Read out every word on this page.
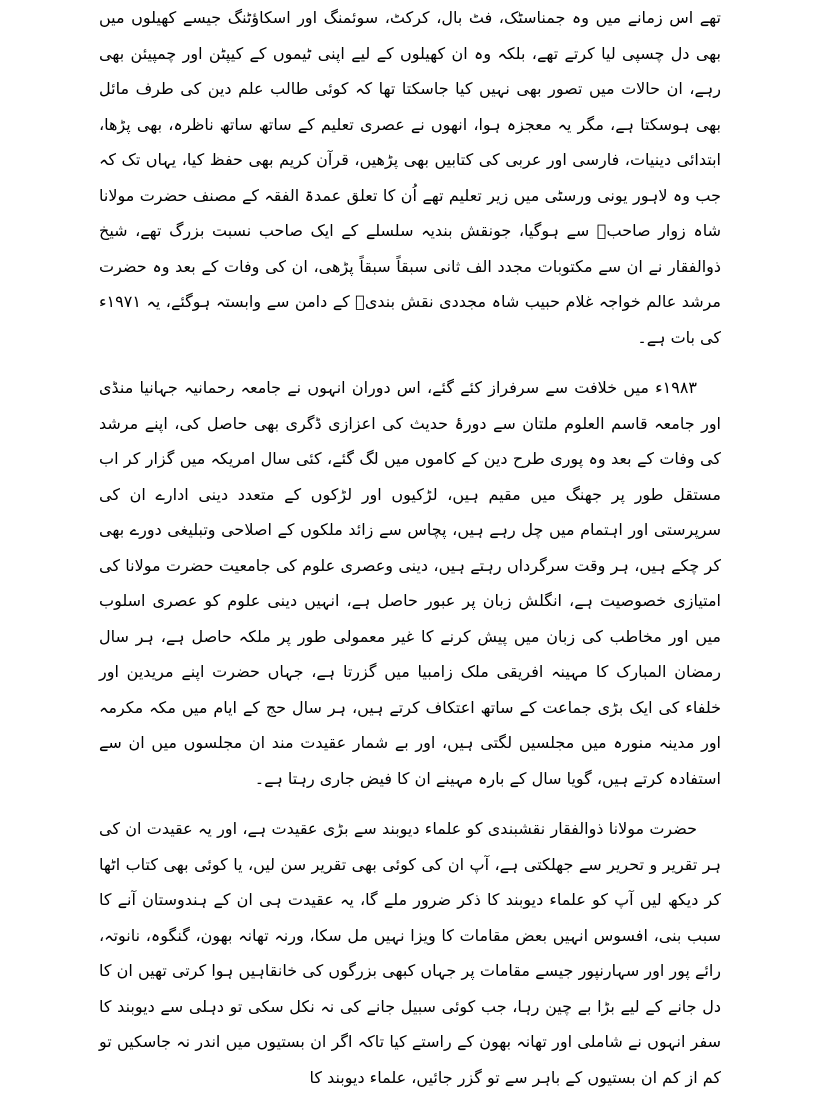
تھے اس زمانے میں وہ جمناسٹک، فٹ بال، کرکٹ، سوئمنگ اور اسکاؤٹنگ جیسے کھیلوں میں بھی دل چسپی لیا کرتے تھے، بلکہ وہ ان کھیلوں کے لیے اپنی ٹیموں کے کیپٹن اور چمپیئن بھی رہے، ان حالات میں تصور بھی نہیں کیا جاسکتا تھا کہ کوئی طالب علم دین کی طرف مائل بھی ہوسکتا ہے، مگر یہ معجزہ ہوا، انھوں نے عصری تعلیم کے ساتھ ساتھ ناظرہ، بھی پڑھا، ابتدائی دینیات، فارسی اور عربی کی کتابیں بھی پڑھیں، قرآن کریم بھی حفظ کیا، یہاں تک کہ جب وہ لاہور یونی ورسٹی میں زیر تعلیم تھے اُن کا تعلق عمدۃ الفقہ کے مصنف حضرت مولانا شاہ زوار صاحبؒ سے ہوگیا، جونقش بندیہ سلسلے کے ایک صاحب نسبت بزرگ تھے، شیخ ذوالفقار نے ان سے مکتوبات مجدد الف ثانی سبقاً سبقاً پڑھی، ان کی وفات کے بعد وہ حضرت مرشد عالم خواجہ غلام حبیب شاہ مجددی نقش بندیؒ کے دامن سے وابستہ ہوگئے، یہ ۱۹۷۱ء کی بات ہے۔

۱۹۸۳ء میں خلافت سے سرفراز کئے گئے، اس دوران انہوں نے جامعہ رحمانیہ جہانیا منڈی اور جامعہ قاسم العلوم ملتان سے دورۂ حدیث کی اعزازی ڈگری بھی حاصل کی، اپنے مرشد کی وفات کے بعد وہ پوری طرح دین کے کاموں میں لگ گئے، کئی سال امریکہ میں گزار کر اب مستقل طور پر جھنگ میں مقیم ہیں، لڑکیوں اور لڑکوں کے متعدد دینی ادارے ان کی سرپرستی اور اہتمام میں چل رہے ہیں، پچاس سے زائد ملکوں کے اصلاحی وتبلیغی دورے بھی کر چکے ہیں، ہر وقت سرگرداں رہتے ہیں، دینی وعصری علوم کی جامعیت حضرت مولانا کی امتیازی خصوصیت ہے، انگلش زبان پر عبور حاصل ہے، انہیں دینی علوم کو عصری اسلوب میں اور مخاطب کی زبان میں پیش کرنے کا غیر معمولی طور پر ملکہ حاصل ہے، ہر سال رمضان المبارک کا مہینہ افریقی ملک زامبیا میں گزرتا ہے، جہاں حضرت اپنے مریدین اور خلفاء کی ایک بڑی جماعت کے ساتھ اعتکاف کرتے ہیں، ہر سال حج کے ایام میں مکہ مکرمہ اور مدینہ منورہ میں مجلسیں لگتی ہیں، اور بے شمار عقیدت مند ان مجلسوں میں ان سے استفادہ کرتے ہیں، گویا سال کے بارہ مہینے ان کا فیض جاری رہتا ہے۔

حضرت مولانا ذوالفقار نقشبندی کو علماء دیوبند سے بڑی عقیدت ہے، اور یہ عقیدت ان کی ہر تقریر و تحریر سے جھلکتی ہے، آپ ان کی کوئی بھی تقریر سن لیں، یا کوئی بھی کتاب اٹھا کر دیکھ لیں آپ کو علماء دیوبند کا ذکر ضرور ملے گا، یہ عقیدت ہی ان کے ہندوستان آنے کا سبب بنی، افسوس انہیں بعض مقامات کا ویزا نہیں مل سکا، ورنہ تھانہ بھون، گنگوہ، نانوتہ، رائے پور اور سہارنپور جیسے مقامات پر جہاں کبھی بزرگوں کی خانقاہیں ہوا کرتی تھیں ان کا دل جانے کے لیے بڑا بے چین رہا، جب کوئی سبیل جانے کی نہ نکل سکی تو دہلی سے دیوبند کا سفر انہوں نے شاملی اور تھانہ بھون کے راستے کیا تاکہ اگر ان بستیوں میں اندر نہ جاسکیں تو کم از کم ان بستیوں کے باہر سے تو گزر جائیں، علماء دیوبند کا
